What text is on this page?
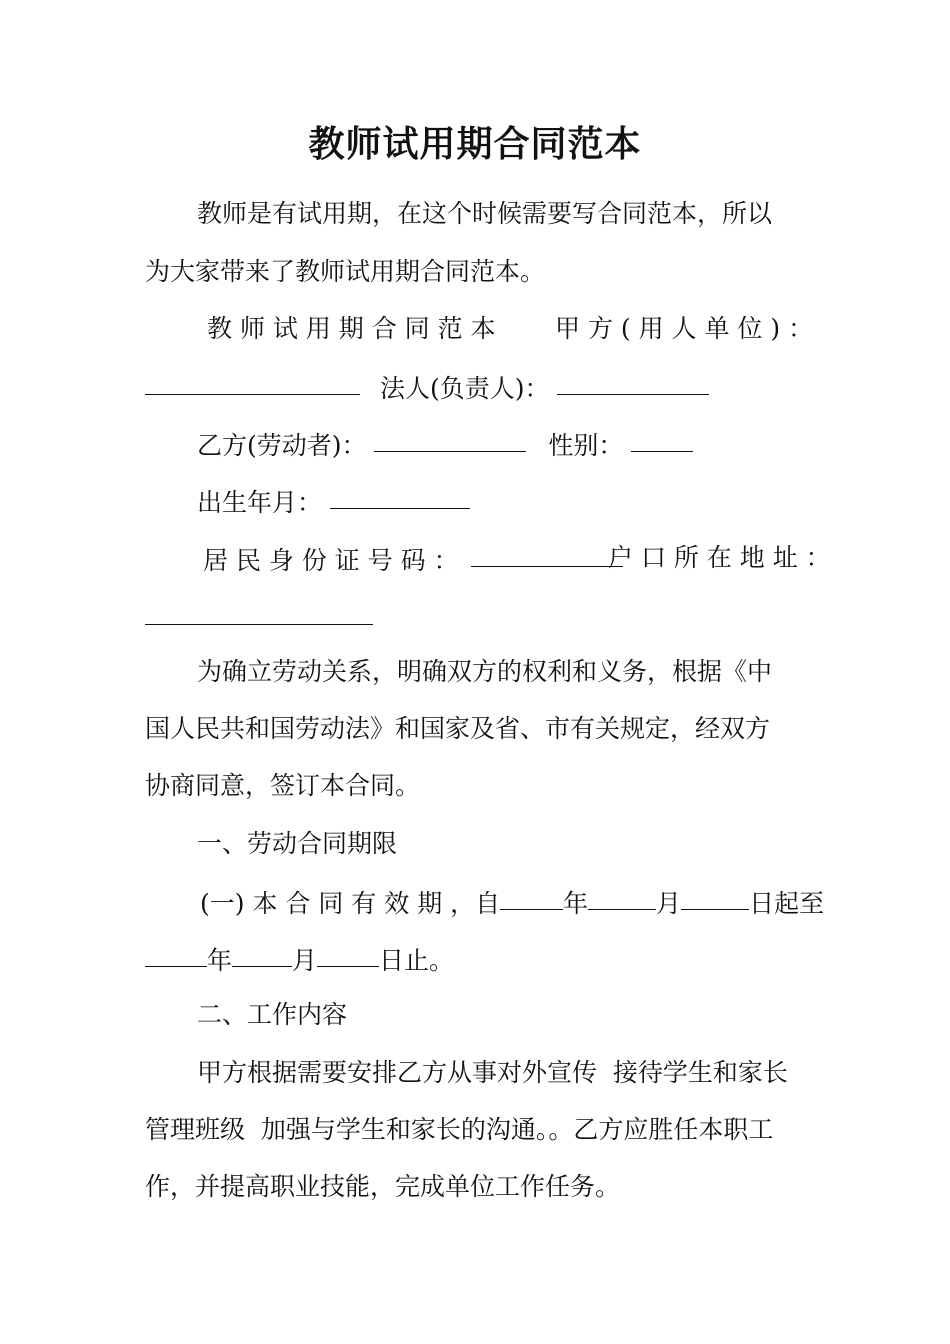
教师试用期合同范本
教师是有试用期，在这个时候需要写合同范本，所以
为大家带来了教师试用期合同范本。
教 师 试 用 期 合 同 范 本 甲 方 ( 用 人 单 位 ) ：
法人(负责人)：
乙方(劳动者)：	性别：
出生年月：
居 民 身 份 证 号 码 ：	户 口 所 在 地 址 ：
为确立劳动关系，明确双方的权利和义务，根据《中
国人民共和国劳动法》和国家及省、市有关规定，经双方
协商同意，签订本合同。
一、劳动合同期限
(一) 本 合 同 有 效 期 ，自	年	月	日起至
年 月 日止。
二、工作内容
甲方根据需要安排乙方从事对外宣传  接待学生和家长
管理班级  加强与学生和家长的沟通。。乙方应胜任本职工
作，并提高职业技能，完成单位工作任务。
